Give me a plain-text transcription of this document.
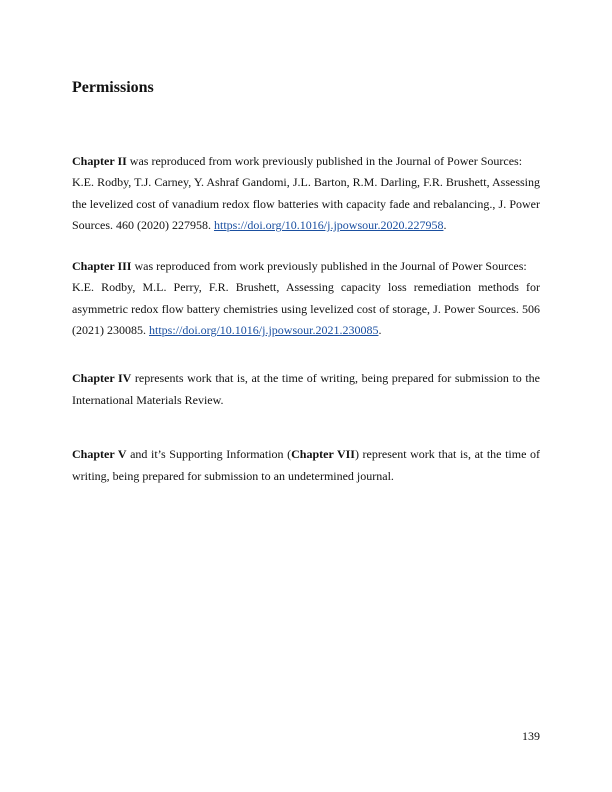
Permissions

Chapter II was reproduced from work previously published in the Journal of Power Sources:

K.E. Rodby, T.J. Carney, Y. Ashraf Gandomi, J.L. Barton, R.M. Darling, F.R. Brushett, Assessing the levelized cost of vanadium redox flow batteries with capacity fade and rebalancing., J. Power Sources. 460 (2020) 227958. https://doi.org/10.1016/j.jpowsour.2020.227958.

Chapter III was reproduced from work previously published in the Journal of Power Sources:

K.E. Rodby, M.L. Perry, F.R. Brushett, Assessing capacity loss remediation methods for asymmetric redox flow battery chemistries using levelized cost of storage, J. Power Sources. 506 (2021) 230085. https://doi.org/10.1016/j.jpowsour.2021.230085.

Chapter IV represents work that is, at the time of writing, being prepared for submission to the International Materials Review.

Chapter V and it’s Supporting Information (Chapter VII) represent work that is, at the time of writing, being prepared for submission to an undetermined journal.

139
